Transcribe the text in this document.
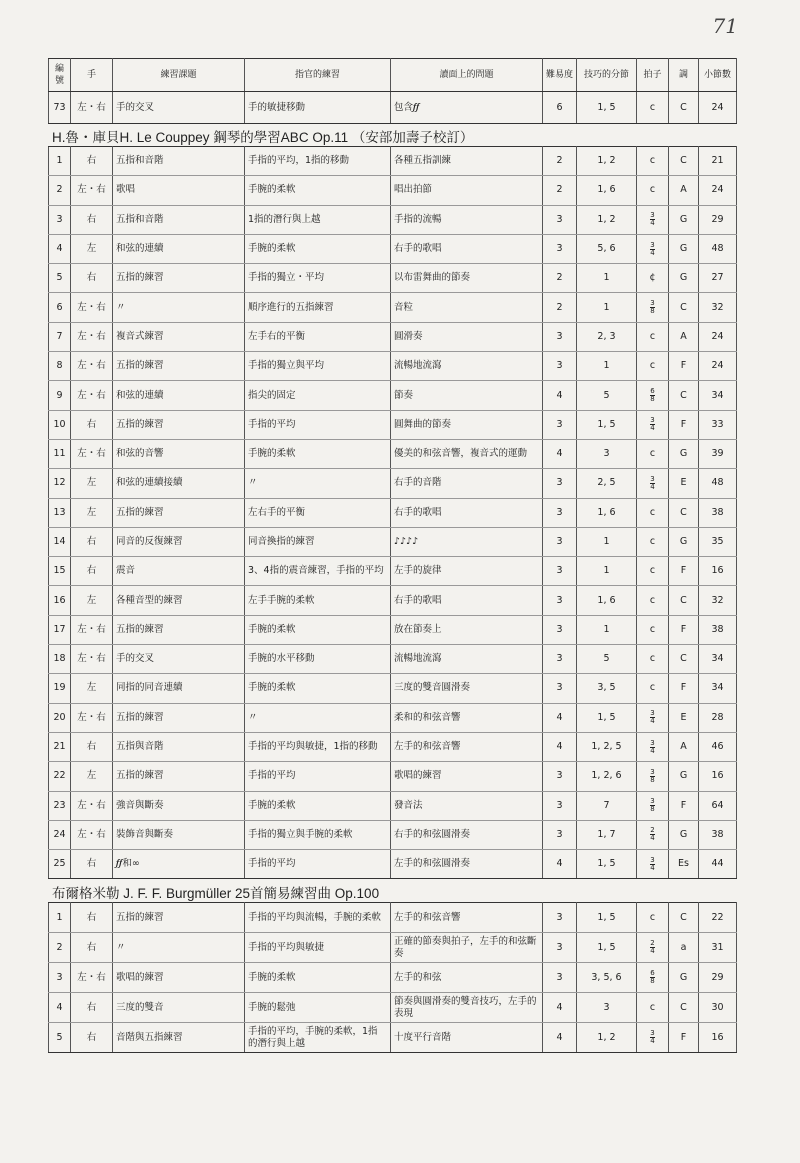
71
編號	手	練習課題	指官的練習	讀面上的問題	難易度	技巧的分節	拍子	調	小節數
73	左・右	手的交叉	手的敏捷移動	包含𝆑𝆑	6	1, 5	c	C	24
H.魯・庫貝H. Le Couppey 鋼琴的學習ABC Op.11 （安部加壽子校訂）
1	右	五指和音階	手指的平均，1指的移動	各種五指訓練	2	1, 2	c	C	21
2	左・右	歌唱	手腕的柔軟	唱出拍節	2	1, 6	c	A	24
3	右	五指和音階	1指的潛行與上越	手指的流暢	3	1, 2	$\frac{3}{4}$	G	29
4	左	和弦的連續	手腕的柔軟	右手的歌唱	3	5, 6	$\frac{3}{4}$	G	48
5	右	五指的練習	手指的獨立・平均	以布雷舞曲的節奏	2	1	¢	G	27
6	左・右	〃	順序進行的五指練習	音粒	2	1	$\frac{3}{8}$	C	32
7	左・右	複音式練習	左手右的平衡	圓滑奏	3	2, 3	c	A	24
8	左・右	五指的練習	手指的獨立與平均	流暢地流瀉	3	1	c	F	24
9	左・右	和弦的連續	指尖的固定	節奏	4	5	$\frac{6}{8}$	C	34
10	右	五指的練習	手指的平均	圓舞曲的節奏	3	1, 5	$\frac{3}{4}$	F	33
11	左・右	和弦的音響	手腕的柔軟	優美的和弦音響，複音式的運動	4	3	c	G	39
12	左	和弦的連續接續	〃	右手的音階	3	2, 5	$\frac{3}{4}$	E	48
13	左	五指的練習	左右手的平衡	右手的歌唱	3	1, 6	c	C	38
14	右	同音的反復練習	同音換指的練習	♪♪♪♪	3	1	c	G	35
15	右	震音	3、4指的震音練習，手指的平均	左手的旋律	3	1	c	F	16
16	左	各種音型的練習	左手手腕的柔軟	右手的歌唱	3	1, 6	c	C	32
17	左・右	五指的練習	手腕的柔軟	放在節奏上	3	1	c	F	38
18	左・右	手的交叉	手腕的水平移動	流暢地流瀉	3	5	c	C	34
19	左	同指的同音連續	手腕的柔軟	三度的雙音圓滑奏	3	3, 5	c	F	34
20	左・右	五指的練習	〃	柔和的和弦音響	4	1, 5	$\frac{3}{4}$	E	28
21	右	五指與音階	手指的平均與敏捷，1指的移動	左手的和弦音響	4	1, 2, 5	$\frac{3}{4}$	A	46
22	左	五指的練習	手指的平均	歌唱的練習	3	1, 2, 6	$\frac{3}{8}$	G	16
23	左・右	強音與斷奏	手腕的柔軟	發音法	3	7	$\frac{3}{8}$	F	64
24	左・右	裝飾音與斷奏	手指的獨立與手腕的柔軟	右手的和弦圓滑奏	3	1, 7	$\frac{2}{4}$	G	38
25	右	𝆑𝆑和∞	手指的平均	左手的和弦圓滑奏	4	1, 5	$\frac{3}{4}$	Es	44
布爾格米勒 J. F. F. Burgmüller 25首簡易練習曲 Op.100
1	右	五指的練習	手指的平均與流暢，手腕的柔軟	左手的和弦音響	3	1, 5	c	C	22
2	右	〃	手指的平均與敏捷	正確的節奏與拍子，左手的和弦斷奏	3	1, 5	$\frac{2}{4}$	a	31
3	左・右	歌唱的練習	手腕的柔軟	左手的和弦	3	3, 5, 6	$\frac{6}{8}$	G	29
4	右	三度的雙音	手腕的鬆弛	節奏與圓滑奏的雙音技巧，左手的表現	4	3	c	C	30
5	右	音階與五指練習	手指的平均，手腕的柔軟，1指的潛行與上越	十度平行音階	4	1, 2	$\frac{3}{4}$	F	16
